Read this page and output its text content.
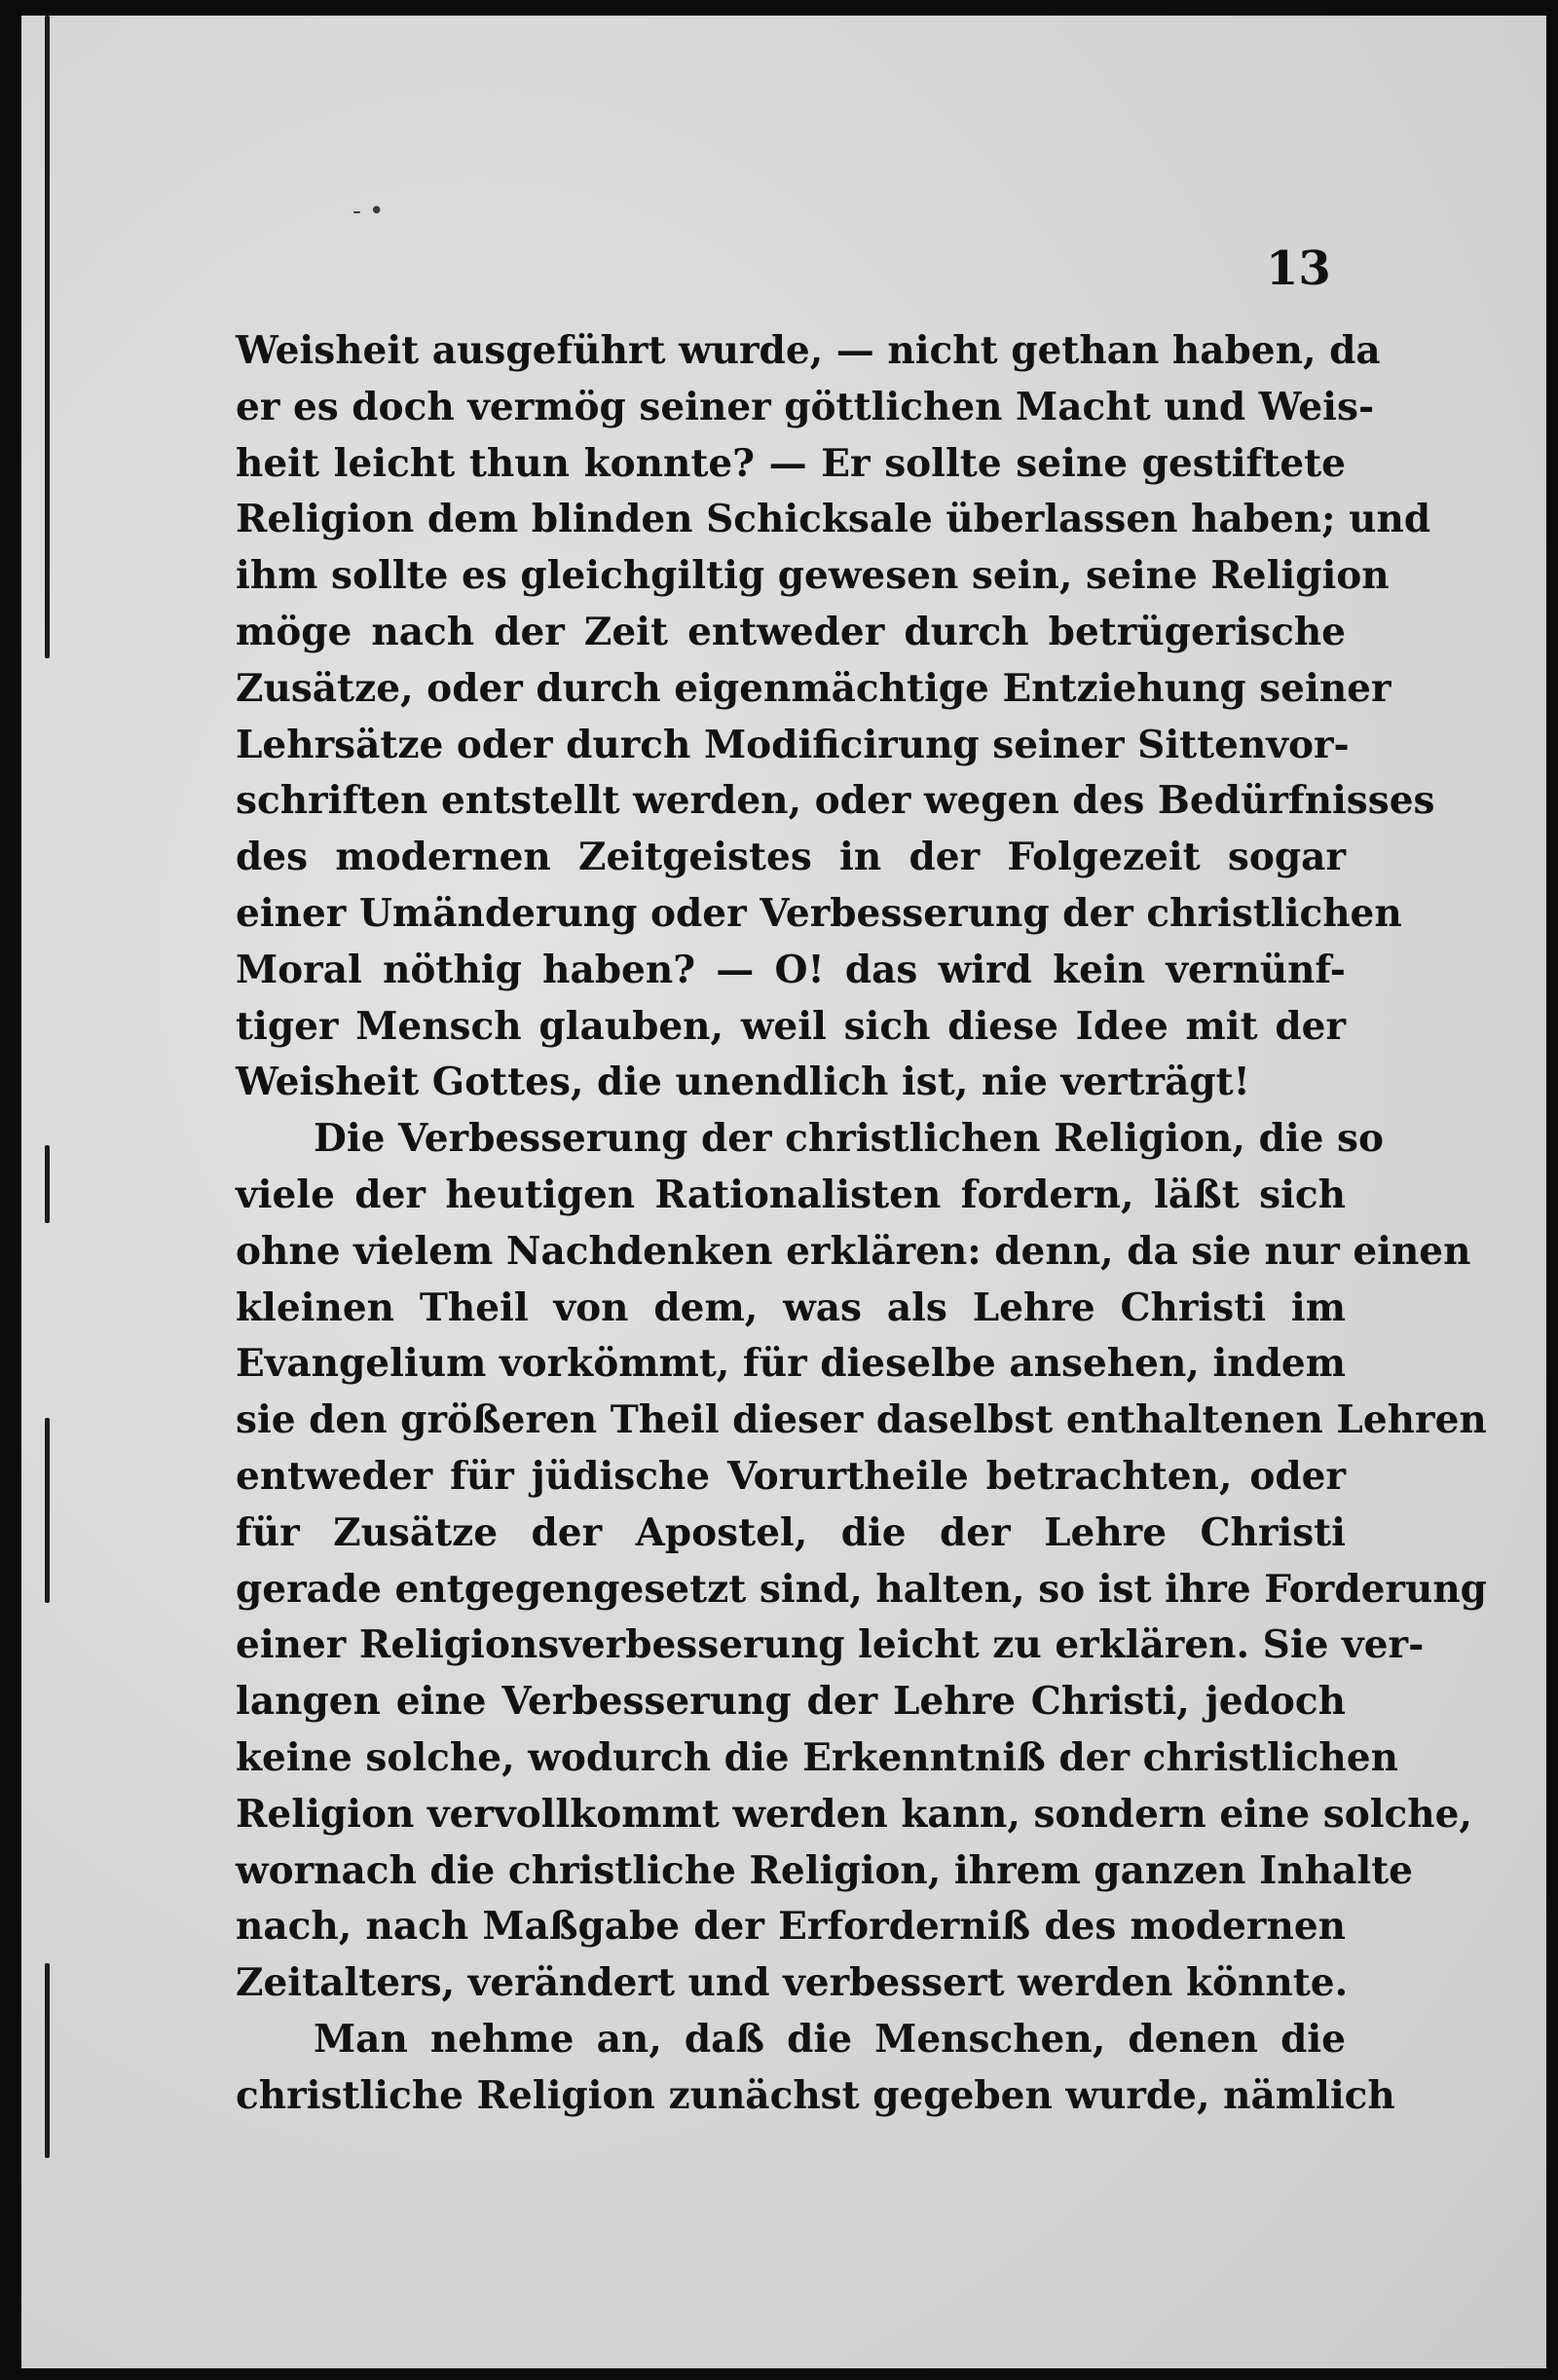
- •
13
Weisheit ausgeführt wurde, — nicht gethan haben, da
er es doch vermög seiner göttlichen Macht und Weis-
heit leicht thun konnte? — Er sollte seine gestiftete
Religion dem blinden Schicksale überlassen haben; und
ihm sollte es gleichgiltig gewesen sein, seine Religion
möge nach der Zeit entweder durch betrügerische
Zusätze, oder durch eigenmächtige Entziehung seiner
Lehrsätze oder durch Modificirung seiner Sittenvor-
schriften entstellt werden, oder wegen des Bedürfnisses
des modernen Zeitgeistes in der Folgezeit sogar
einer Umänderung oder Verbesserung der christlichen
Moral nöthig haben? — O! das wird kein vernünf-
tiger Mensch glauben, weil sich diese Idee mit der
Weisheit Gottes, die unendlich ist, nie verträgt!
Die Verbesserung der christlichen Religion, die so
viele der heutigen Rationalisten fordern, läßt sich
ohne vielem Nachdenken erklären: denn, da sie nur einen
kleinen Theil von dem, was als Lehre Christi im
Evangelium vorkömmt, für dieselbe ansehen, indem
sie den größeren Theil dieser daselbst enthaltenen Lehren
entweder für jüdische Vorurtheile betrachten, oder
für Zusätze der Apostel, die der Lehre Christi
gerade entgegengesetzt sind, halten, so ist ihre Forderung
einer Religionsverbesserung leicht zu erklären. Sie ver-
langen eine Verbesserung der Lehre Christi, jedoch
keine solche, wodurch die Erkenntniß der christlichen
Religion vervollkommt werden kann, sondern eine solche,
wornach die christliche Religion, ihrem ganzen Inhalte
nach, nach Maßgabe der Erforderniß des modernen
Zeitalters, verändert und verbessert werden könnte.
Man nehme an, daß die Menschen, denen die
christliche Religion zunächst gegeben wurde, nämlich
